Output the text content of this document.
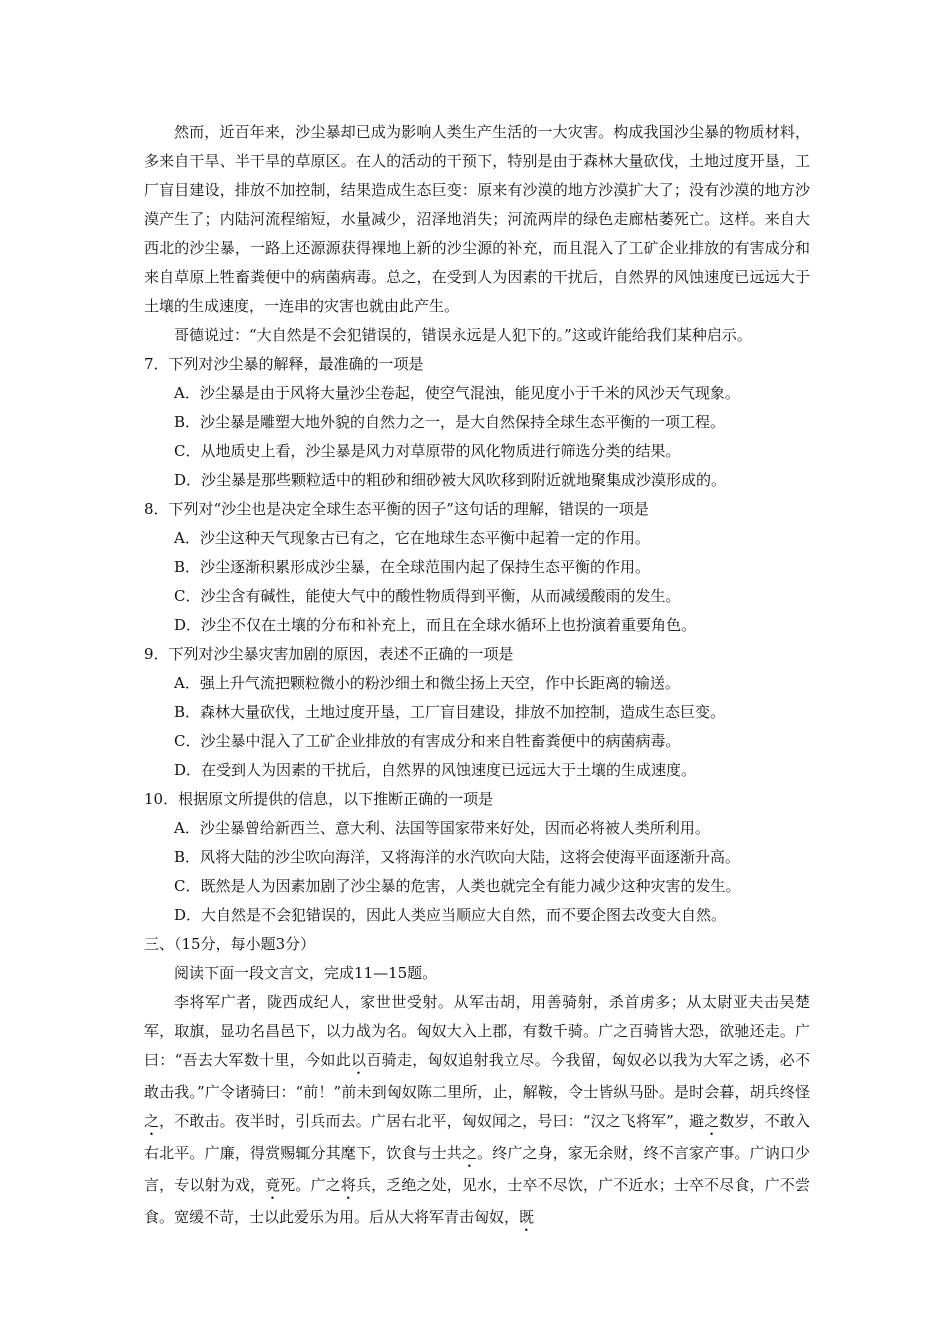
然而，近百年来，沙尘暴却已成为影响人类生产生活的一大灾害。构成我国沙尘暴的物质材料，多来自干旱、半干旱的草原区。在人的活动的干预下，特别是由于森林大量砍伐，土地过度开垦，工厂盲目建设，排放不加控制，结果造成生态巨变：原来有沙漠的地方沙漠扩大了；没有沙漠的地方沙漠产生了；内陆河流程缩短，水量减少，沼泽地消失；河流两岸的绿色走廊枯萎死亡。这样。来自大西北的沙尘暴，一路上还源源获得裸地上新的沙尘源的补充，而且混入了工矿企业排放的有害成分和来自草原上牲畜粪便中的病菌病毒。总之，在受到人为因素的干扰后，自然界的风蚀速度已远远大于土壤的生成速度，一连串的灾害也就由此产生。

哥德说过：“大自然是不会犯错误的，错误永远是人犯下的。”这或许能给我们某种启示。

7．下列对沙尘暴的解释，最准确的一项是

A．沙尘暴是由于风将大量沙尘卷起，使空气混浊，能见度小于千米的风沙天气现象。

B．沙尘暴是雕塑大地外貌的自然力之一，是大自然保持全球生态平衡的一项工程。

C．从地质史上看，沙尘暴是风力对草原带的风化物质进行筛选分类的结果。

D．沙尘暴是那些颗粒适中的粗砂和细砂被大风吹移到附近就地聚集成沙漠形成的。

8．下列对“沙尘也是决定全球生态平衡的因子”这句话的理解，错误的一项是

A．沙尘这种天气现象古已有之，它在地球生态平衡中起着一定的作用。

B．沙尘逐渐积累形成沙尘暴，在全球范围内起了保持生态平衡的作用。

C．沙尘含有碱性，能使大气中的酸性物质得到平衡，从而减缓酸雨的发生。

D．沙尘不仅在土壤的分布和补充上，而且在全球水循环上也扮演着重要角色。

9．下列对沙尘暴灾害加剧的原因，表述不正确的一项是

A．强上升气流把颗粒微小的粉沙细土和微尘扬上天空，作中长距离的输送。

B．森林大量砍伐，土地过度开垦，工厂盲目建设，排放不加控制，造成生态巨变。

C．沙尘暴中混入了工矿企业排放的有害成分和来自牲畜粪便中的病菌病毒。

D．在受到人为因素的干扰后，自然界的风蚀速度已远远大于土壤的生成速度。

10．根据原文所提供的信息，以下推断正确的一项是

A．沙尘暴曾给新西兰、意大利、法国等国家带来好处，因而必将被人类所利用。

B．风将大陆的沙尘吹向海洋，又将海洋的水汽吹向大陆，这将会使海平面逐渐升高。

C．既然是人为因素加剧了沙尘暴的危害，人类也就完全有能力减少这种灾害的发生。

D．大自然是不会犯错误的，因此人类应当顺应大自然，而不要企图去改变大自然。

三、（15分，每小题3分）

阅读下面一段文言文，完成11—15题。

李将军广者，陇西成纪人，家世世受射。从军击胡，用善骑射，杀首虏多；从太尉亚夫击吴楚军，取旗，显功名昌邑下，以力战为名。匈奴大入上郡，有数千骑。广之百骑皆大恐，欲驰还走。广曰：“吾去大军数十里，今如此以百骑走，匈奴追射我立尽。今我留，匈奴必以我为大军之诱，必不敢击我。”广令诸骑曰：“前！”前未到匈奴陈二里所，止，解鞍，令士皆纵马卧。是时会暮，胡兵终怪之，不敢击。夜半时，引兵而去。广居右北平，匈奴闻之，号曰：“汉之飞将军”，避之数岁，不敢入右北平。广廉，得赏赐辄分其麾下，饮食与士共之。终广之身，家无余财，终不言家产事。广讷口少言，专以射为戏，竟死。广之将兵，乏绝之处，见水，士卒不尽饮，广不近水；士卒不尽食，广不尝食。宽缓不苛，士以此爱乐为用。后从大将军青击匈奴，既
